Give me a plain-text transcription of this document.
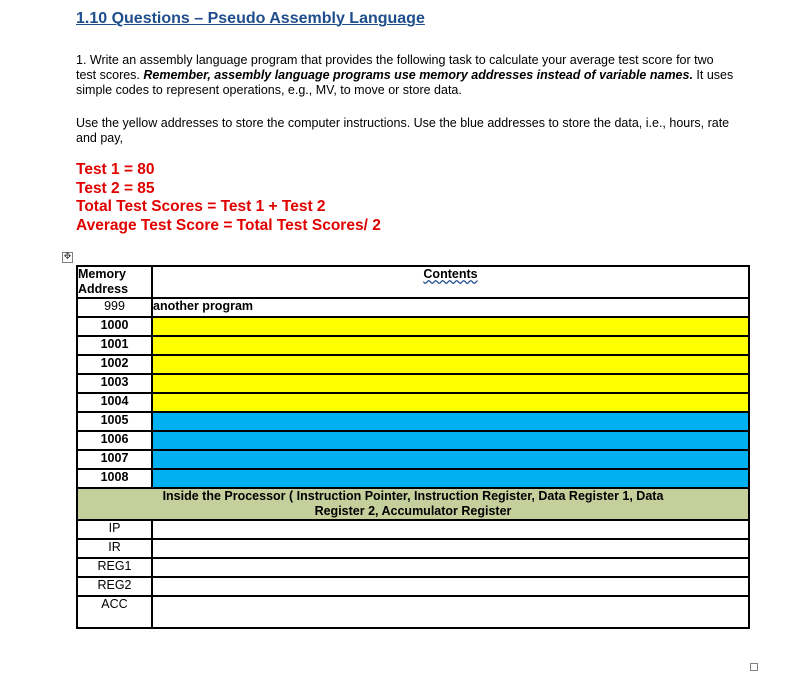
1.10 Questions – Pseudo Assembly Language

1. Write an assembly language program that provides the following task to calculate your average test score for two test scores. Remember, assembly language programs use memory addresses instead of variable names. It uses simple codes to represent operations, e.g., MV, to move or store data.

Use the yellow addresses to store the computer instructions. Use the blue addresses to store the data, i.e., hours, rate and pay,

Test 1 = 80
Test 2 = 85
Total Test Scores = Test 1 + Test 2
Average Test Score = Total Test Scores/ 2
✥
Memory Address	Contents
999	another program
1000	
1001	
1002	
1003	
1004	
1005	
1006	
1007	
1008	

Inside the Processor ( Instruction Pointer, Instruction Register, Data Register 1, Data Register 2, Accumulator Register	

IP	
IR	
REG1	
REG2	
ACC	
